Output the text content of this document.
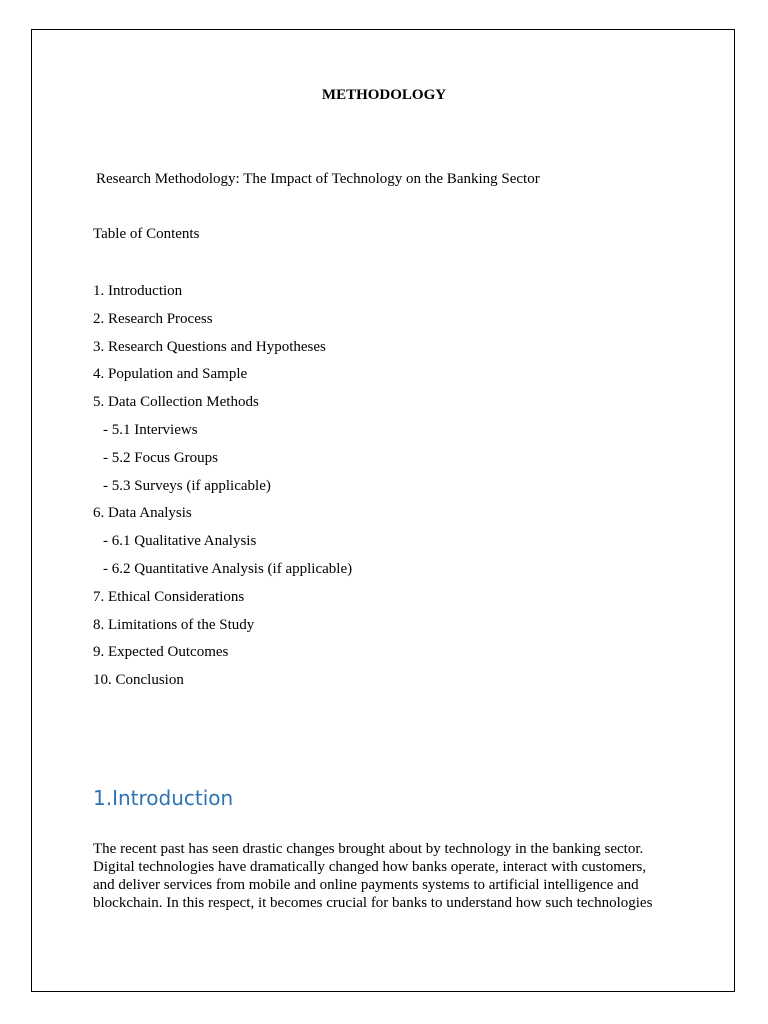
METHODOLOGY
Research Methodology: The Impact of Technology on the Banking Sector
Table of Contents
1. Introduction
2. Research Process
3. Research Questions and Hypotheses
4. Population and Sample
5. Data Collection Methods
- 5.1 Interviews
- 5.2 Focus Groups
- 5.3 Surveys (if applicable)
6. Data Analysis
- 6.1 Qualitative Analysis
- 6.2 Quantitative Analysis (if applicable)
7. Ethical Considerations
8. Limitations of the Study
9. Expected Outcomes
10. Conclusion
1.Introduction
The recent past has seen drastic changes brought about by technology in the banking sector.
Digital technologies have dramatically changed how banks operate, interact with customers,
and deliver services from mobile and online payments systems to artificial intelligence and
blockchain. In this respect, it becomes crucial for banks to understand how such technologies
